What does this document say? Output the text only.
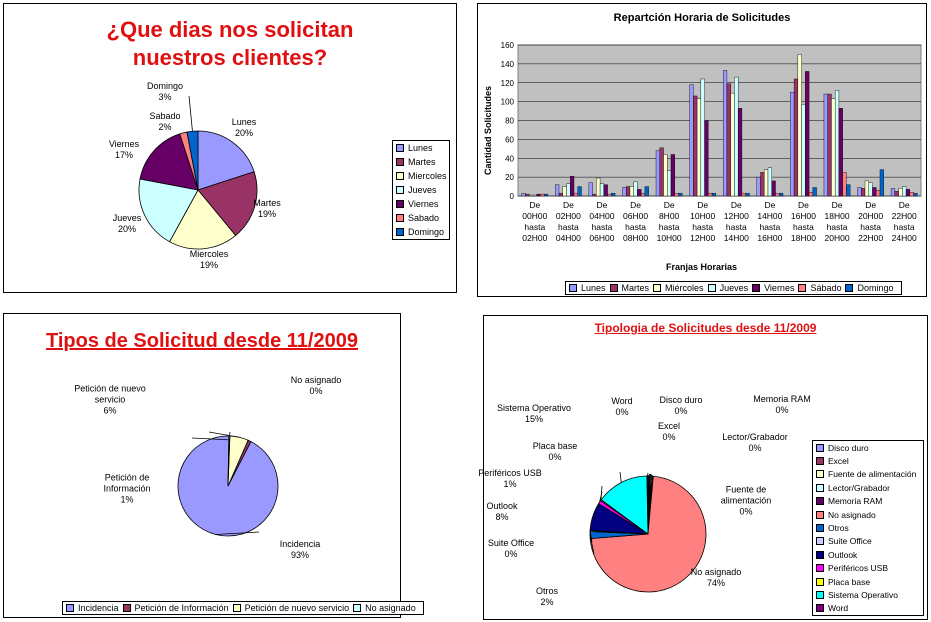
¿Que dias nos solicitan nuestros clientes?
Lunes
Martes
Miercoles
Jueves
Viernes
Sabado
Domingo
Lunes
20%
Martes
19%
Miercoles
19%
Jueves
20%
Viernes
17%
Sabado
2%
Domingo
3%
Repartción Horaria de Solicitudes
0
20
40
60
80
100
120
140
160
Franjas Horarias
Cantidad Solicitudes
Lunes Martes Miércoles Jueves Viernes Sábado Domingo
De
00H00
hasta
02H00
De
02H00
hasta
04H00
De
04H00
hasta
06H00
De
06H00
hasta
08H00
De
8H00
hasta
10H00
De
10H00
hasta
12H00
De
12H00
hasta
14H00
De
14H00
hasta
16H00
De
16H00
hasta
18H00
De
18H00
hasta
20H00
De
20H00
hasta
22H00
De
22H00
hasta
24H00
Tipos de Solicitud desde 11/2009
Incidencia Petición de Información Petición de nuevo servicio No asignado
Incidencia
93%
Petición de
Información
1%
Petición de nuevo
servicio
6%
No asignado
0%
Tipologia de Solicitudes desde 11/2009
Disco duro
Excel
Fuente de alimentación
Lector/Grabador
Memoria RAM
No asignado
Otros
Suite Office
Outlook
Periféricos USB
Placa base
Sistema Operativo
Word
Disco duro
0%
Excel
0%
Fuente de
alimentación
0%
Lector/Grabador
0%
Memoria RAM
0%
No asignado
74%
Otros
2%
Suite Office
0%
Outlook
8%
Periféricos USB
1%
Placa base
0%
Sistema Operativo
15%
Word
0%
